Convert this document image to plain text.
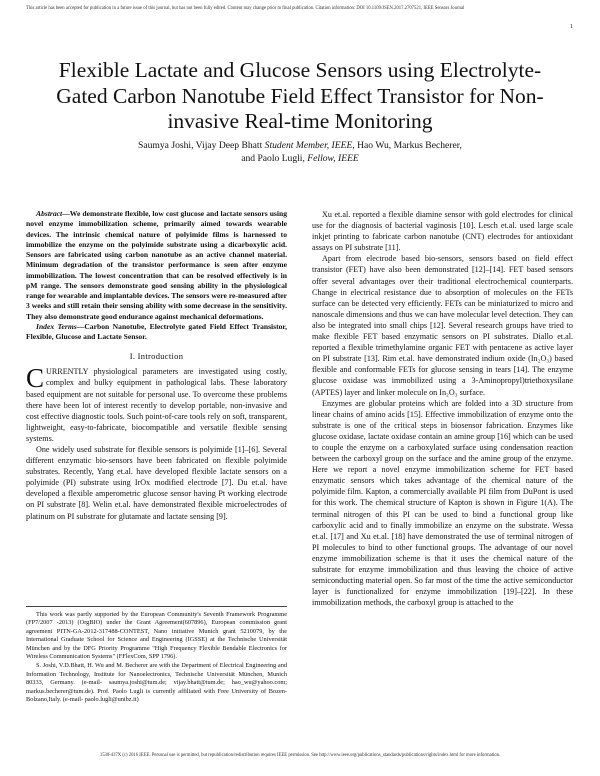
This article has been accepted for publication in a future issue of this journal, but has not been fully edited. Content may change prior to final publication. Citation information: DOI 10.1109/JSEN.2017.2707521, IEEE Sensors Journal
1
Flexible Lactate and Glucose Sensors using Electrolyte-Gated Carbon Nanotube Field Effect Transistor for Non-invasive Real-time Monitoring
Saumya Joshi, Vijay Deep Bhatt Student Member, IEEE, Hao Wu, Markus Becherer,
and Paolo Lugli, Fellow, IEEE

Abstract—We demonstrate flexible, low cost glucose and lactate sensors using novel enzyme immobilization scheme, primarily aimed towards wearable devices. The intrinsic chemical nature of polyimide films is harnessed to immobilize the enzyme on the polyimide substrate using a dicarboxylic acid. Sensors are fabricated using carbon nanotube as an active channel material. Minimum degradation of the transistor performance is seen after enzyme immobilization. The lowest concentration that can be resolved effectively is in pM range. The sensors demonstrate good sensing ability in the physiological range for wearable and implantable devices. The sensors were re-measured after 3 weeks and still retain their sensing ability with some decrease in the sensitivity. They also demonstrate good endurance against mechanical deformations.

Index Terms—Carbon Nanotube, Electrolyte gated Field Effect Transistor, Flexible, Glucose and Lactate Sensor.

I. Introduction

CURRENTLY physiological parameters are investigated using costly, complex and bulky equipment in pathological labs. These laboratory based equipment are not suitable for personal use. To overcome these problems there have been lot of interest recently to develop portable, non-invasive and cost effective diagnostic tools. Such point-of-care tools rely on soft, transparent, lightweight, easy-to-fabricate, biocompatible and versatile flexible sensing systems.

One widely used substrate for flexible sensors is polyimide [1]–[6]. Several different enzymatic bio-sensors have been fabricated on flexible polyimide substrates. Recently, Yang et.al. have developed flexible lactate sensors on a polyimide (PI) substrate using IrOx modified electrode [7]. Du et.al. have developed a flexible amperometric glucose sensor having Pt working electrode on PI substrate [8]. Welin et.al. have demonstrated flexible microelectrodes of platinum on PI substrate for glutamate and lactate sensing [9].

This work was partly supported by the European Community's Seventh Framework Programme (FP7/2007 -2013) (OrgBIO) under the Grant Agreement(607896), European commission grant agreement PITN-GA-2012-317488-CONTEST, Nano initiative Munich grant 5210079, by the International Graduate School for Science and Engineering (IGSSE) at the Technische Universität München and by the DFG Priority Programme "High Frequency Flexible Bendable Electronics for Wireless Communication Systems" (FFlexCom, SPP 1796).

S. Joshi, V.D.Bhatt, H. Wu and M. Becherer are with the Department of Electrical Engineering and Information Technology, Institute for Nanoelectronics, Technische Universität München, Munich 80333, Germany. (e-mail- saumya.joshi@tum.de; vijay.bhatt@tum.de; hao_wu@yahoo.com; markus.becherer@tum.de). Prof. Paolo Lugli is currently affiliated with Free University of Bozen-Bolzano,Italy. (e-mail- paolo.lugli@unibz.it)

Xu et.al. reported a flexible diamine sensor with gold electrodes for clinical use for the diagnosis of bacterial vaginosis [10]. Lesch et.al. used large scale inkjet printing to fabricate carbon nanotube (CNT) electrodes for antioxidant assays on PI substrate [11].

Apart from electrode based bio-sensors, sensors based on field effect transistor (FET) have also been demonstrated [12]–[14]. FET based sensors offer several advantages over their traditional electrochemical counterparts. Change in electrical resistance due to absorption of molecules on the FETs surface can be detected very efficiently. FETs can be miniaturized to micro and nanoscale dimensions and thus we can have molecular level detection. They can also be integrated into small chips [12]. Several research groups have tried to make flexible FET based enzymatic sensors on PI substrates. Diallo et.al. reported a flexible trimethylamine organic FET with pentacene as active layer on PI substrate [13]. Rim et.al. have demonstrated indium oxide (In₂O₃) based flexible and conformable FETs for glucose sensing in tears [14]. The enzyme glucose oxidase was immobilized using a 3-Aminopropyl)triethoxysilane (APTES) layer and linker molecule on In₂O₃ surface.

Enzymes are globular proteins which are folded into a 3D structure from linear chains of amino acids [15]. Effective immobilization of enzyme onto the substrate is one of the critical steps in biosensor fabrication. Enzymes like glucose oxidase, lactate oxidase contain an amine group [16] which can be used to couple the enzyme on a carboxylated surface using condensation reaction between the carboxyl group on the surface and the amine group of the enzyme. Here we report a novel enzyme immobilization scheme for FET based enzymatic sensors which takes advantage of the chemical nature of the polyimide film. Kapton, a commercially available PI film from DuPont is used for this work. The chemical structure of Kapton is shown in Figure 1(A). The terminal nitrogen of this PI can be used to bind a functional group like carboxylic acid and to finally immobilize an enzyme on the substrate. Wessa et.al. [17] and Xu et.al. [18] have demonstrated the use of terminal nitrogen of PI molecules to bind to other functional groups. The advantage of our novel enzyme immobilization scheme is that it uses the chemical nature of the substrate for enzyme immobilization and thus leaving the choice of active semiconducting material open. So far most of the time the active semiconductor layer is functionalized for enzyme immobilization [19]–[22]. In these immobilization methods, the carboxyl group is attached to the

1530-437X (c) 2016 IEEE. Personal use is permitted, but republication/redistribution requires IEEE permission. See http://www.ieee.org/publications_standards/publications/rights/index.html for more information.
